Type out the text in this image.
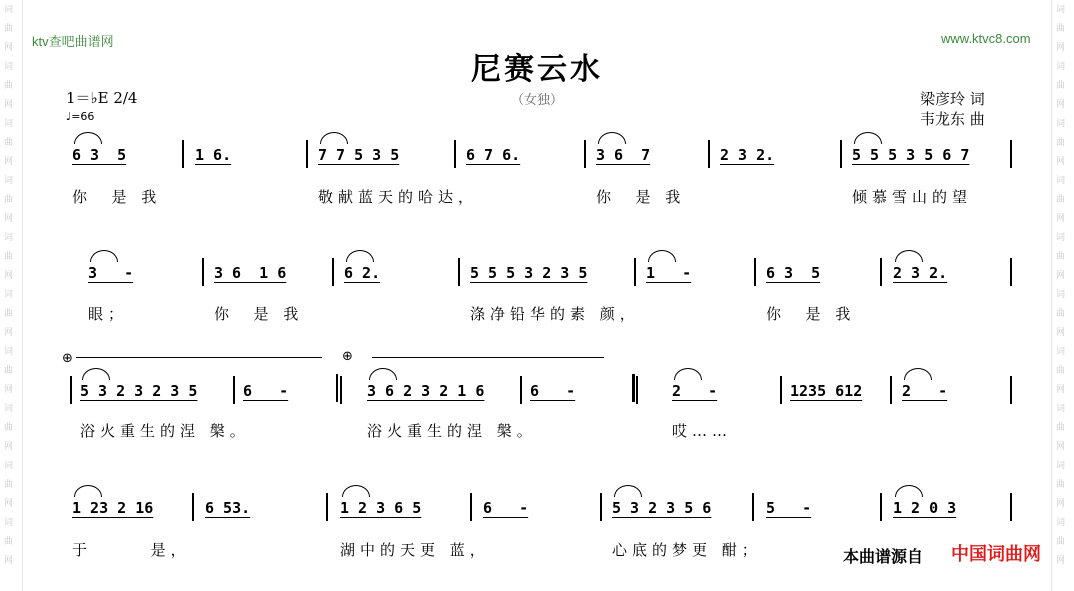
词
曲
网
词
曲
网
词
曲
网
词
曲
网
词
曲
网
词
曲
网
词
曲
网
词
曲
网
词
曲
网
词
曲
网
词
曲
网
词
曲
网
词
曲
网
词
曲
网
词
曲
网
词
曲
网
词
曲
网
词
曲
网
词
曲
网
词
曲
网
ktv查吧曲谱网	www.ktvc8.com
尼赛云水
（女独）	梁彦玲 词
韦龙东 曲
1＝♭E 2/4
♩=66
6 3  5	1 6.	7 7 5 3 5	6 7 6.	3 6  7	2 3 2.	5 5 5 3 5 6 7
你  是 我	敬献蓝天的哈达，	你  是 我	倾慕雪山的望
3   -	3 6  1 6	6 2.	5 5 5 3 2 3 5	1   -	6 3  5	2 3 2.
眼；	你  是 我	涤净铅华的素 颜，	你  是 我
5 3 2 3 2 3 5	6   -	3 6 2 3 2 1 6	6   -	2   -	1235 612	2   -
浴火重生的涅 槃。	浴火重生的涅 槃。	哎……
1 23 2 16	6 53.	1 2 3 6 5	6   -	5 3 2 3 5 6	5   -	1 2 0 3
于      是，	湖中的天更 蓝，	心底的梦更 酣；
⊕	⊕
本曲谱源自 中国词曲网
